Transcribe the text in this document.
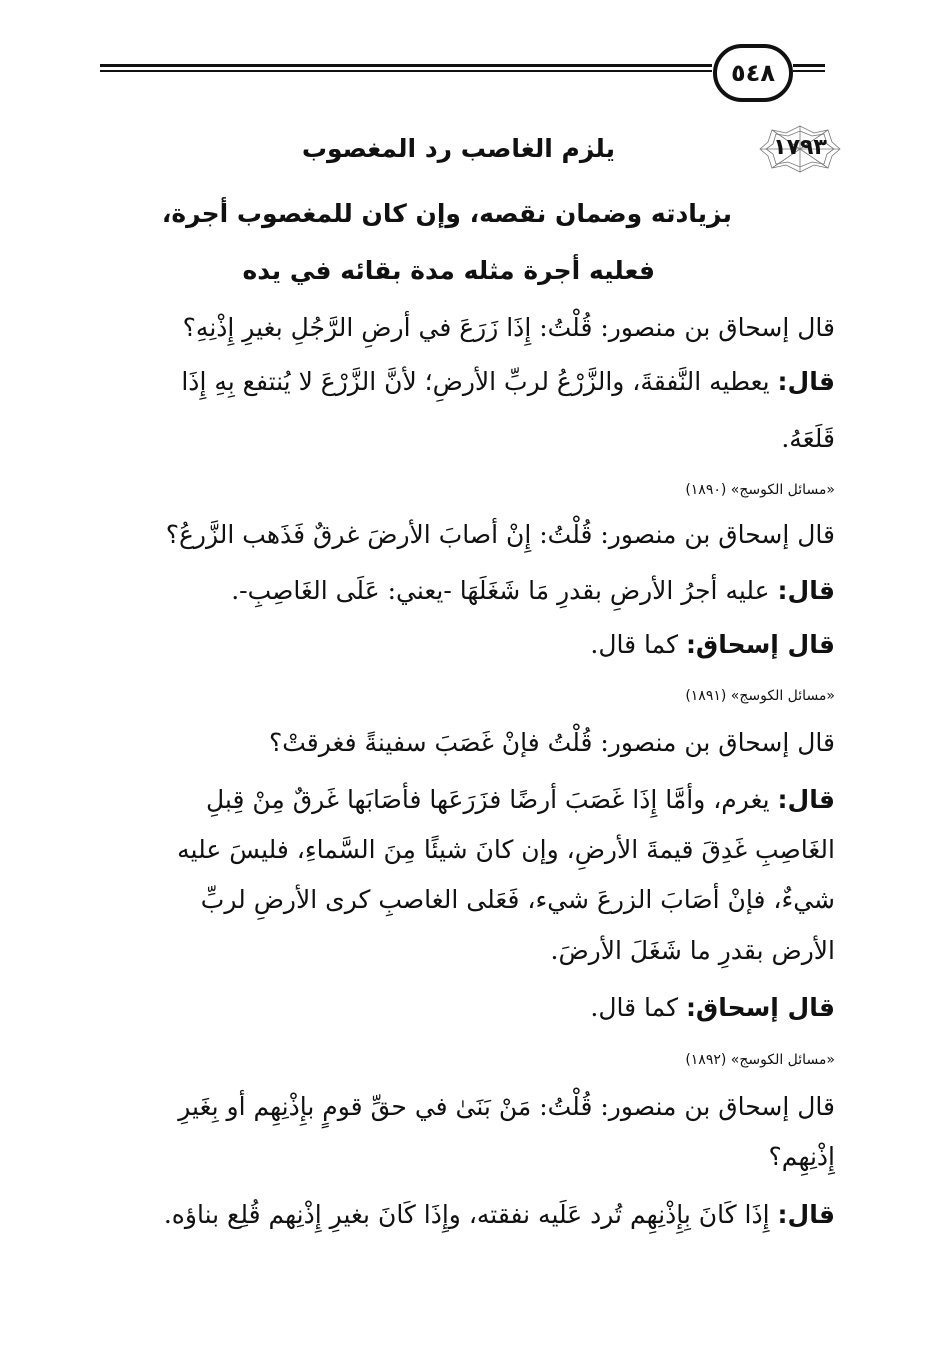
٥٤٨
١٧٩٣
يلزم الغاصب رد المغصوب
بزيادته وضمان نقصه، وإن كان للمغصوب أجرة،
فعليه أجرة مثله مدة بقائه في يده
قال إسحاق بن منصور: قُلْتُ: إِذَا زَرَعَ في أرضِ الرَّجُلِ بغيرِ إِذْنِهِ؟
قال: يعطيه النَّفقةَ، والزَّرْعُ لربِّ الأرضِ؛ لأنَّ الزَّرْعَ لا يُنتفع بِهِ إِذَا
قَلَعَهُ.
«مسائل الكوسج» (١٨٩٠)
قال إسحاق بن منصور: قُلْتُ: إِنْ أصابَ الأرضَ غرقٌ فَذَهب الزَّرعُ؟
قال: عليه أجرُ الأرضِ بقدرِ مَا شَغَلَهَا -يعني: عَلَى الغَاصِبِ-.
قال إسحاق: كما قال.
«مسائل الكوسج» (١٨٩١)
قال إسحاق بن منصور: قُلْتُ فإنْ غَصَبَ سفينةً فغرقتْ؟
قال: يغرم، وأمَّا إِذَا غَصَبَ أرضًا فزَرَعَها فأصَابَها غَرقٌ مِنْ قِبلِ
الغَاصِبِ غَدِقَ قيمةَ الأرضِ، وإن كانَ شيئًا مِنَ السَّماءِ، فليسَ عليه
شيءٌ، فإنْ أصَابَ الزرعَ شيء، فَعَلى الغاصبِ كرى الأرضِ لربِّ
الأرض بقدرِ ما شَغَلَ الأرضَ.
قال إسحاق: كما قال.
«مسائل الكوسج» (١٨٩٢)
قال إسحاق بن منصور: قُلْتُ: مَنْ بَنَىٰ في حقِّ قومٍ بإِذْنِهِم أو بِغَيرِ
إِذْنِهِم؟
قال: إِذَا كَانَ بِإِذْنِهِم تُرد عَلَيه نفقته، وإِذَا كَانَ بغيرِ إِذْنِهم قُلِع بناؤه.
